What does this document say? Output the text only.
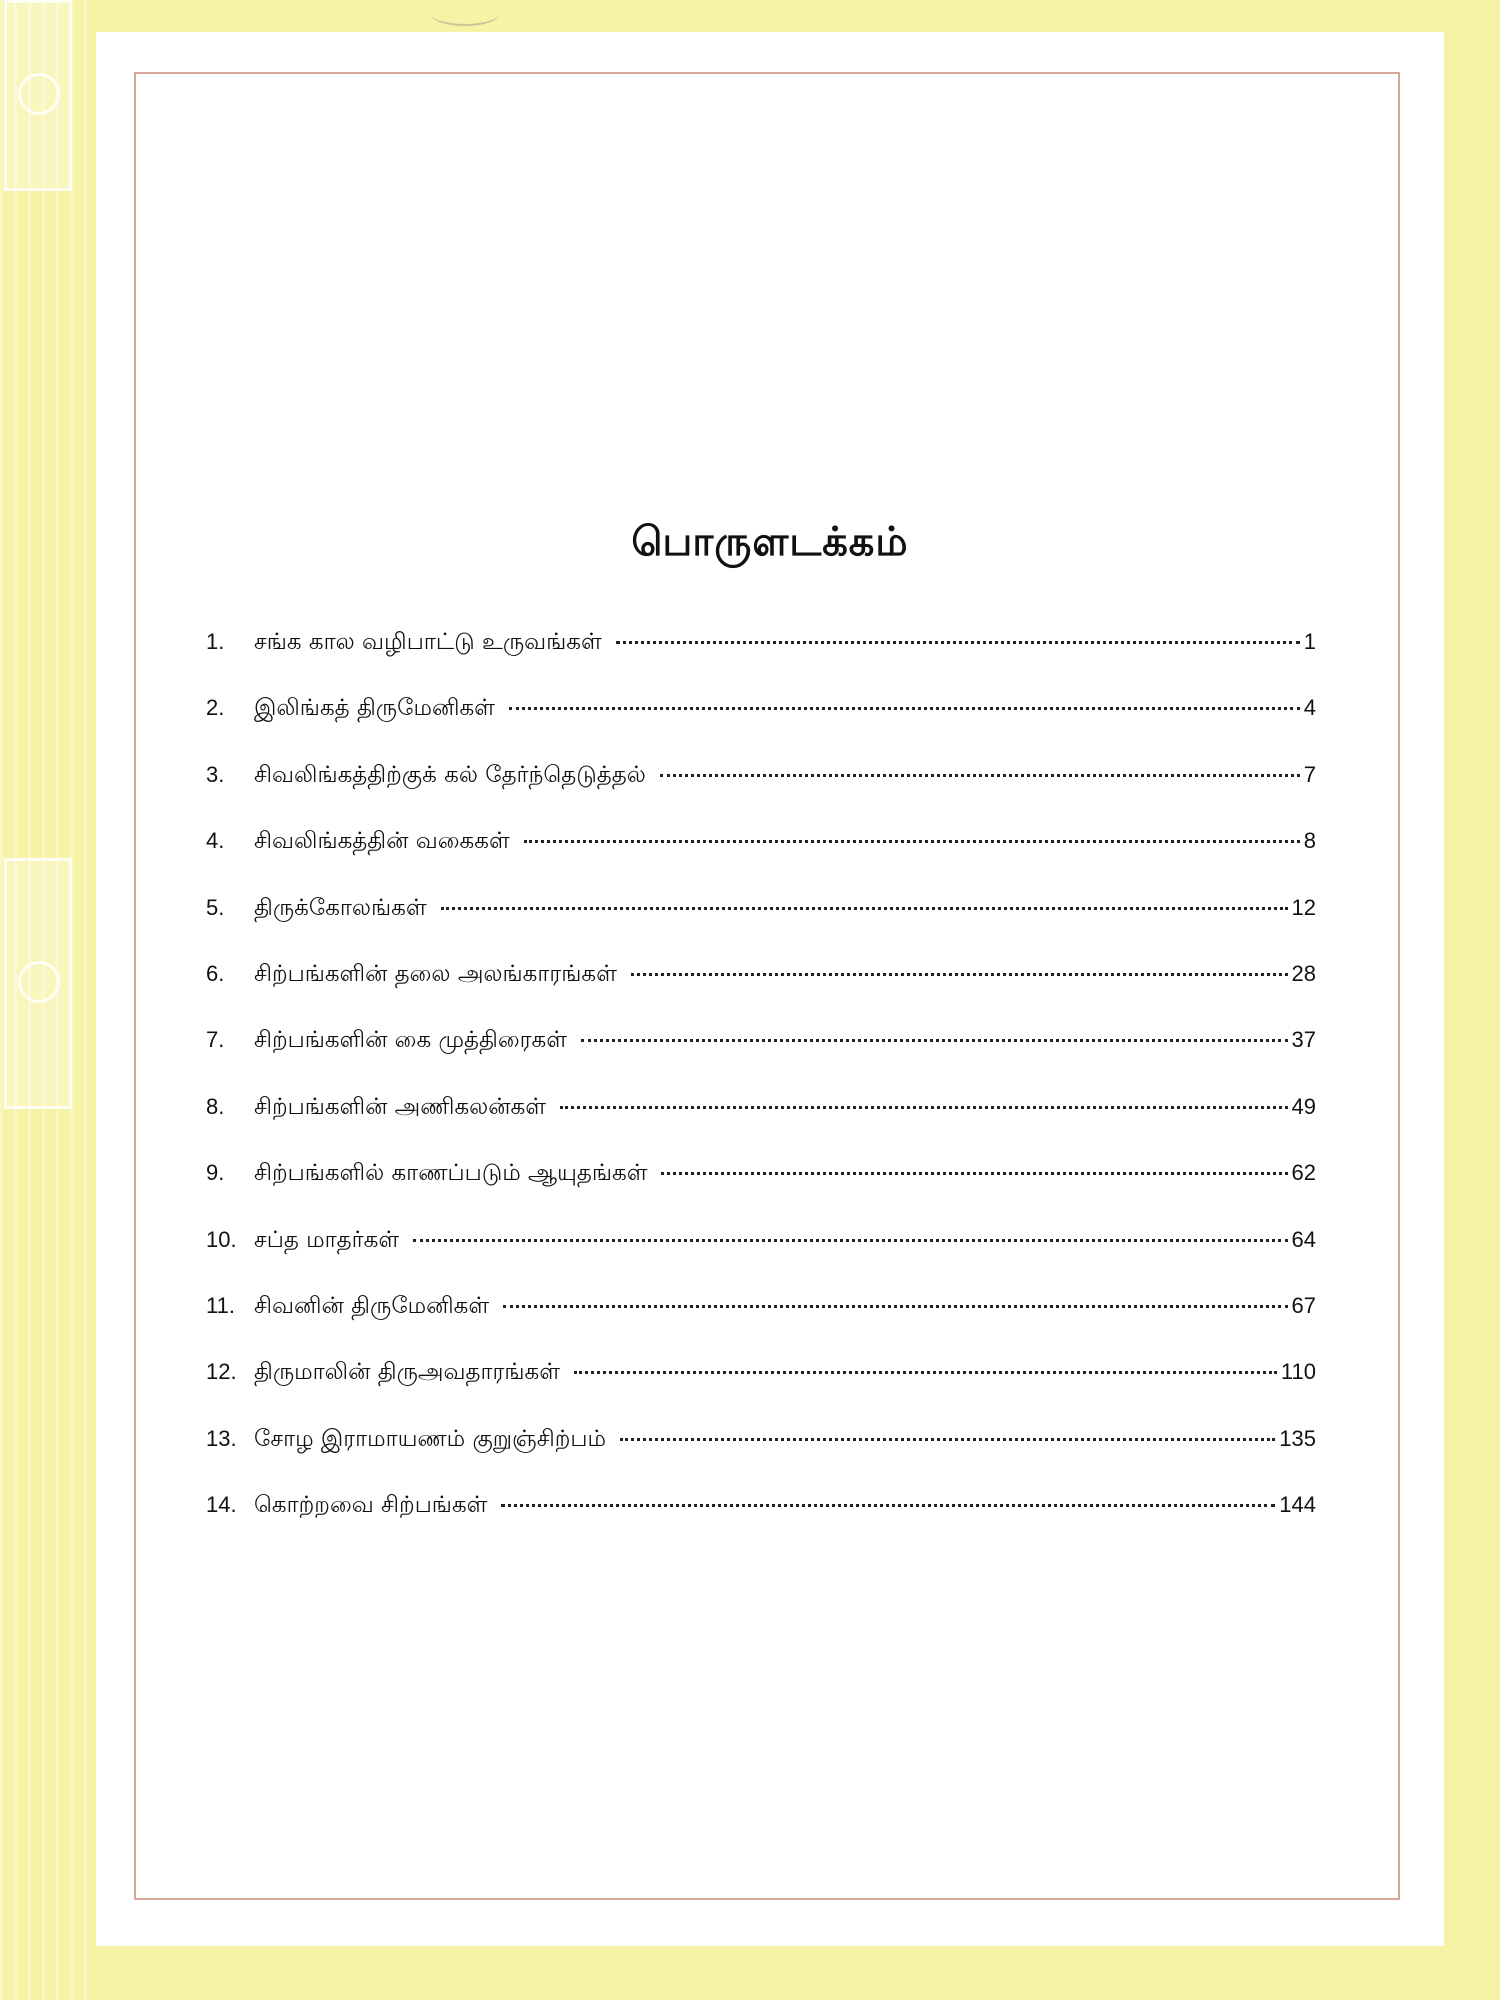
பொருளடக்கம்
1.	சங்க கால வழிபாட்டு உருவங்கள்	1
2.	இலிங்கத் திருமேனிகள்	4
3.	சிவலிங்கத்திற்குக் கல் தேர்ந்தெடுத்தல்	7
4.	சிவலிங்கத்தின் வகைகள்	8
5.	திருக்கோலங்கள்	12
6.	சிற்பங்களின் தலை அலங்காரங்கள்	28
7.	சிற்பங்களின் கை முத்திரைகள்	37
8.	சிற்பங்களின் அணிகலன்கள்	49
9.	சிற்பங்களில் காணப்படும் ஆயுதங்கள்	62
10. சப்த மாதர்கள்	64
11. சிவனின் திருமேனிகள்	67
12. திருமாலின் திருஅவதாரங்கள்	110
13. சோழ இராமாயணம் குறுஞ்சிற்பம்	135
14. கொற்றவை சிற்பங்கள்	144
